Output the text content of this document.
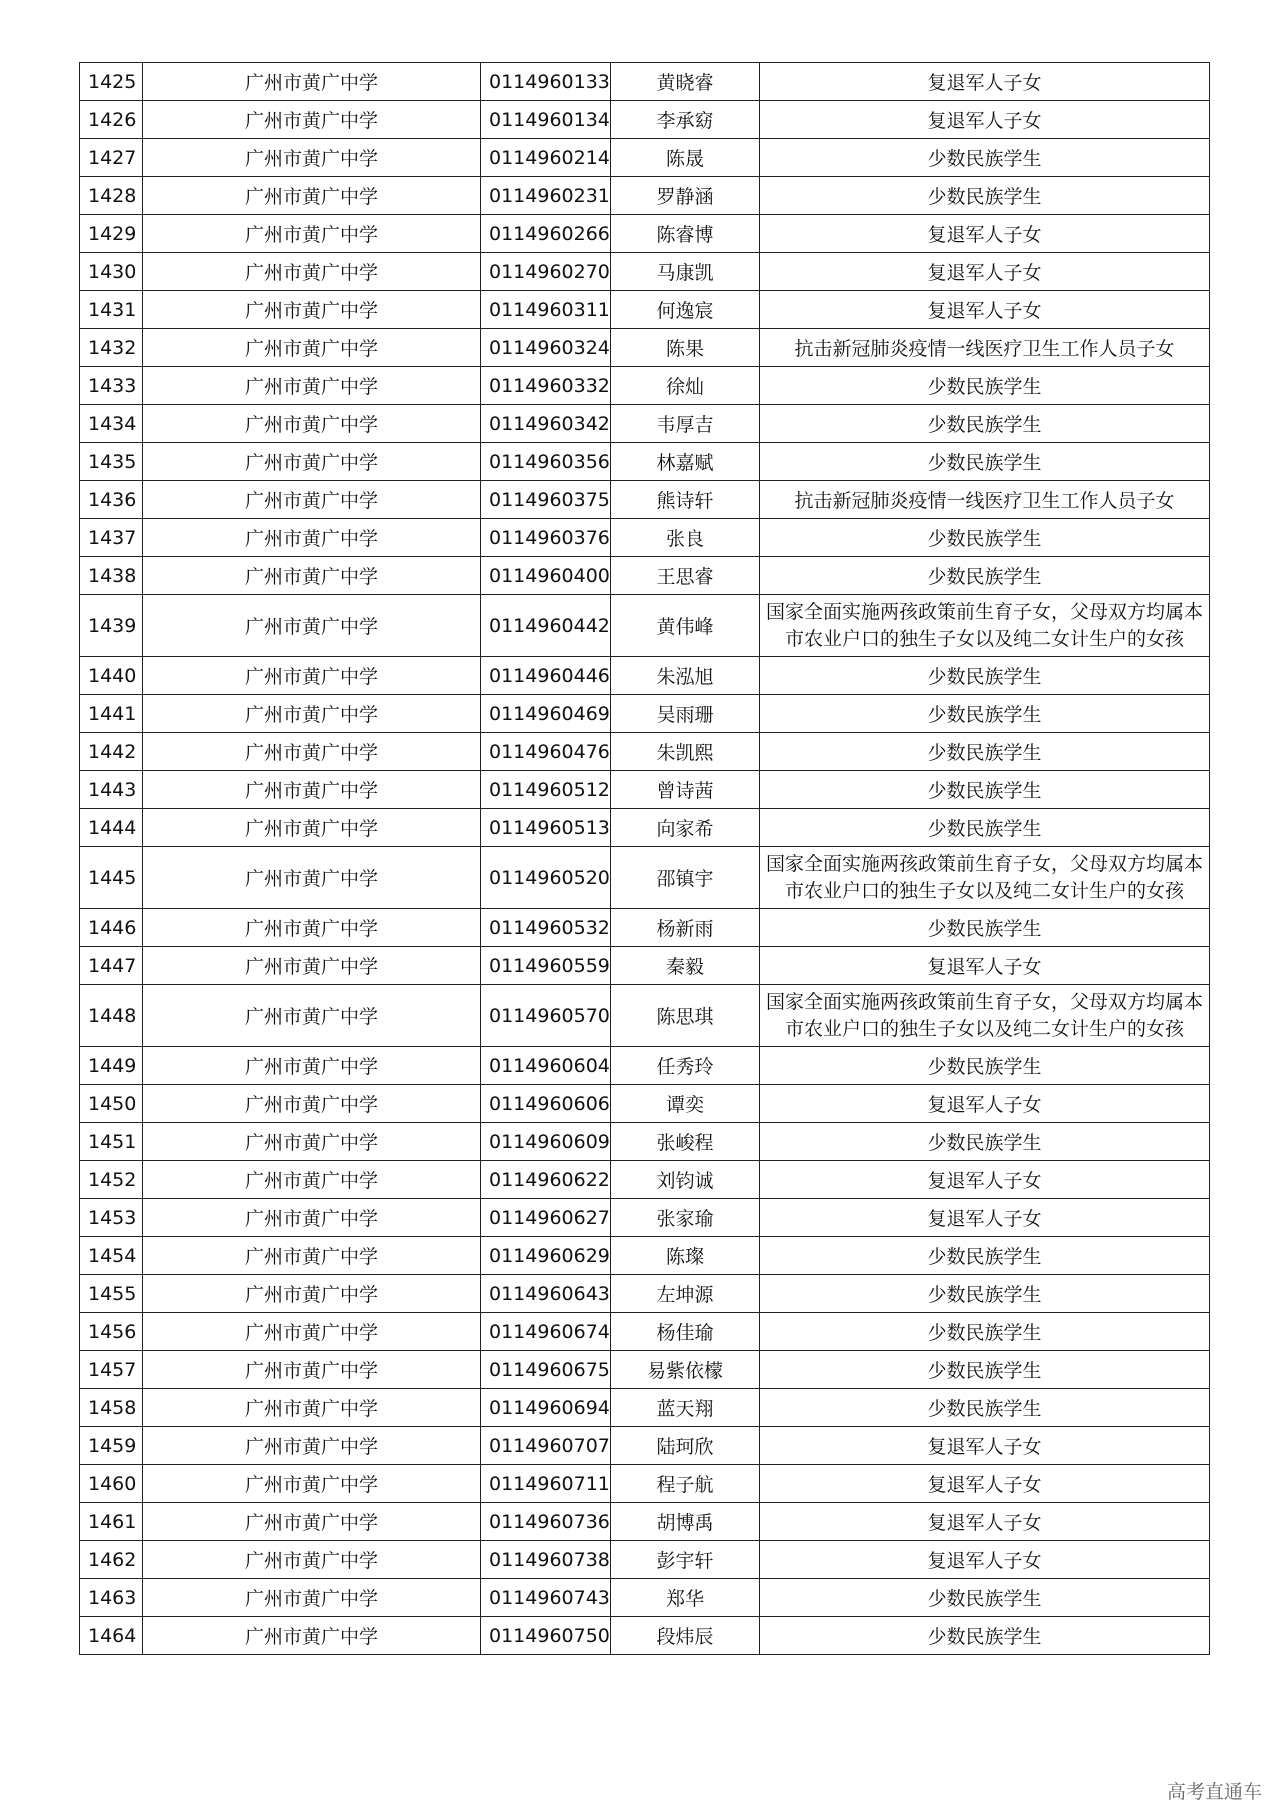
1425	广州市黄广中学	0114960133	黄晓睿	复退军人子女
1426	广州市黄广中学	0114960134	李承窈	复退军人子女
1427	广州市黄广中学	0114960214	陈晟	少数民族学生
1428	广州市黄广中学	0114960231	罗静涵	少数民族学生
1429	广州市黄广中学	0114960266	陈睿博	复退军人子女
1430	广州市黄广中学	0114960270	马康凯	复退军人子女
1431	广州市黄广中学	0114960311	何逸宸	复退军人子女
1432	广州市黄广中学	0114960324	陈果	抗击新冠肺炎疫情一线医疗卫生工作人员子女
1433	广州市黄广中学	0114960332	徐灿	少数民族学生
1434	广州市黄广中学	0114960342	韦厚吉	少数民族学生
1435	广州市黄广中学	0114960356	林嘉赋	少数民族学生
1436	广州市黄广中学	0114960375	熊诗轩	抗击新冠肺炎疫情一线医疗卫生工作人员子女
1437	广州市黄广中学	0114960376	张良	少数民族学生
1438	广州市黄广中学	0114960400	王思睿	少数民族学生
1439	广州市黄广中学	0114960442	黄伟峰	国家全面实施两孩政策前生育子女，父母双方均属本市农业户口的独生子女以及纯二女计生户的女孩
1440	广州市黄广中学	0114960446	朱泓旭	少数民族学生
1441	广州市黄广中学	0114960469	吴雨珊	少数民族学生
1442	广州市黄广中学	0114960476	朱凯熙	少数民族学生
1443	广州市黄广中学	0114960512	曾诗茜	少数民族学生
1444	广州市黄广中学	0114960513	向家希	少数民族学生
1445	广州市黄广中学	0114960520	邵镇宇	国家全面实施两孩政策前生育子女，父母双方均属本市农业户口的独生子女以及纯二女计生户的女孩
1446	广州市黄广中学	0114960532	杨新雨	少数民族学生
1447	广州市黄广中学	0114960559	秦毅	复退军人子女
1448	广州市黄广中学	0114960570	陈思琪	国家全面实施两孩政策前生育子女，父母双方均属本市农业户口的独生子女以及纯二女计生户的女孩
1449	广州市黄广中学	0114960604	任秀玲	少数民族学生
1450	广州市黄广中学	0114960606	谭奕	复退军人子女
1451	广州市黄广中学	0114960609	张峻程	少数民族学生
1452	广州市黄广中学	0114960622	刘钧诚	复退军人子女
1453	广州市黄广中学	0114960627	张家瑜	复退军人子女
1454	广州市黄广中学	0114960629	陈璨	少数民族学生
1455	广州市黄广中学	0114960643	左坤源	少数民族学生
1456	广州市黄广中学	0114960674	杨佳瑜	少数民族学生
1457	广州市黄广中学	0114960675	易紫依檬	少数民族学生
1458	广州市黄广中学	0114960694	蓝天翔	少数民族学生
1459	广州市黄广中学	0114960707	陆珂欣	复退军人子女
1460	广州市黄广中学	0114960711	程子航	复退军人子女
1461	广州市黄广中学	0114960736	胡博禹	复退军人子女
1462	广州市黄广中学	0114960738	彭宇轩	复退军人子女
1463	广州市黄广中学	0114960743	郑华	少数民族学生
1464	广州市黄广中学	0114960750	段炜辰	少数民族学生
高考直通车
